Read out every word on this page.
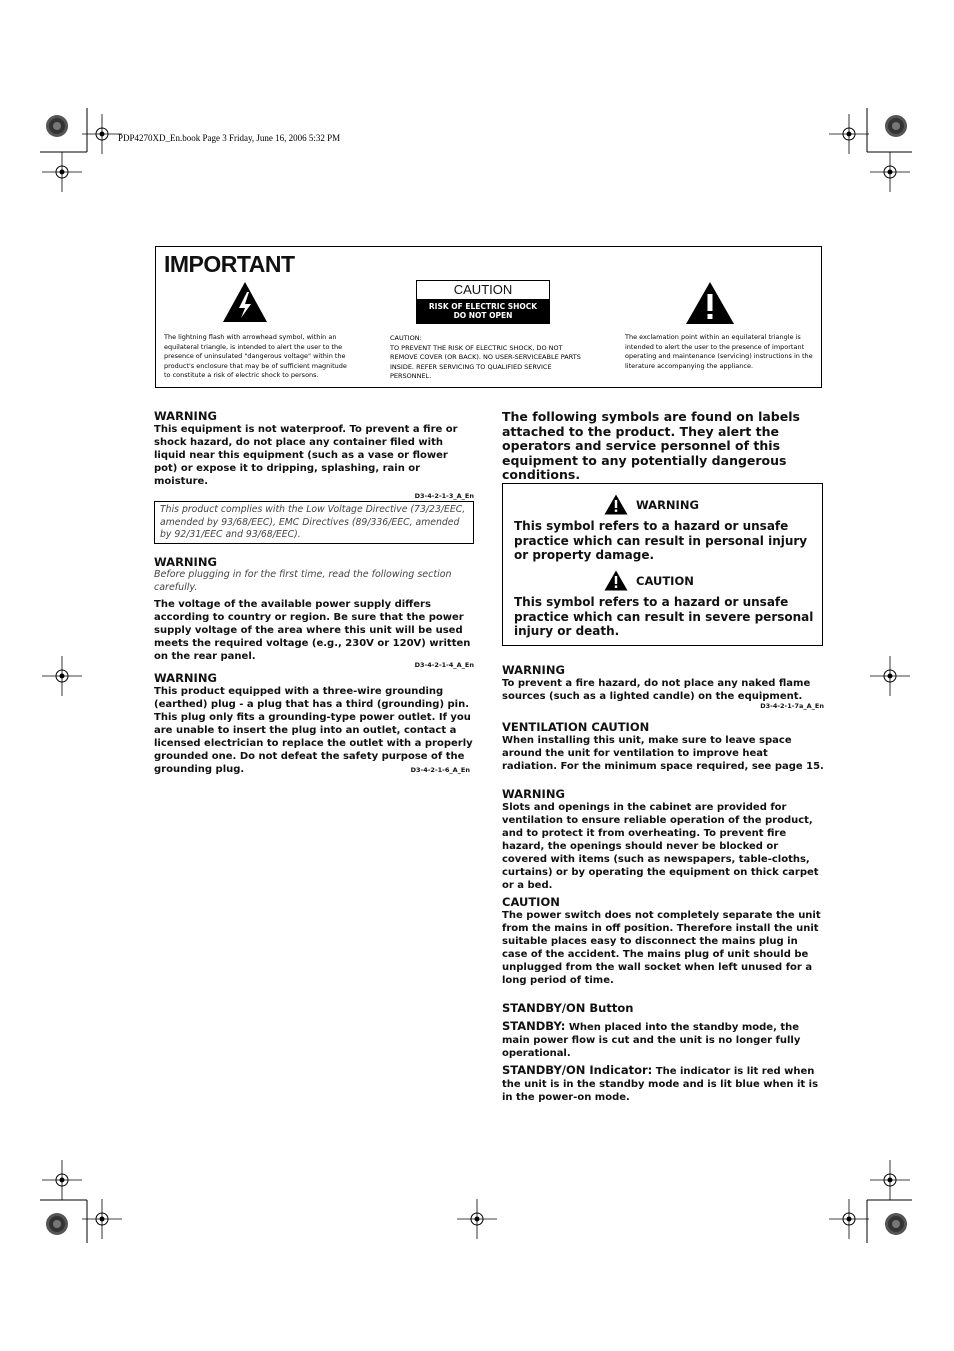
PDP4270XD_En.book Page 3 Friday, June 16, 2006 5:32 PM
IMPORTANT
The lightning flash with arrowhead symbol, within an equilateral triangle, is intended to alert the user to the presence of uninsulated "dangerous voltage" within the product's enclosure that may be of sufficient magnitude to constitute a risk of electric shock to persons.
CAUTION
RISK OF ELECTRIC SHOCK
DO NOT OPEN
CAUTION:
TO PREVENT THE RISK OF ELECTRIC SHOCK, DO NOT REMOVE COVER (OR BACK). NO USER-SERVICEABLE PARTS INSIDE. REFER SERVICING TO QUALIFIED SERVICE PERSONNEL.
The exclamation point within an equilateral triangle is intended to alert the user to the presence of important operating and maintenance (servicing) instructions in the literature accompanying the appliance.
WARNING
This equipment is not waterproof. To prevent a fire or shock hazard, do not place any container filed with liquid near this equipment (such as a vase or flower pot) or expose it to dripping, splashing, rain or moisture.
D3-4-2-1-3_A_En
This product complies with the Low Voltage Directive (73/23/EEC, amended by 93/68/EEC), EMC Directives (89/336/EEC, amended by 92/31/EEC and 93/68/EEC).
WARNING
Before plugging in for the first time, read the following section carefully.
The voltage of the available power supply differs according to country or region. Be sure that the power supply voltage of the area where this unit will be used meets the required voltage (e.g., 230V or 120V) written on the rear panel.
D3-4-2-1-4_A_En
WARNING
This product equipped with a three-wire grounding (earthed) plug - a plug that has a third (grounding) pin. This plug only fits a grounding-type power outlet. If you are unable to insert the plug into an outlet, contact a licensed electrician to replace the outlet with a properly grounded one. Do not defeat the safety purpose of the grounding plug.	D3-4-2-1-6_A_En
The following symbols are found on labels attached to the product. They alert the operators and service personnel of this equipment to any potentially dangerous conditions.
WARNING
This symbol refers to a hazard or unsafe practice which can result in personal injury or property damage.
CAUTION
This symbol refers to a hazard or unsafe practice which can result in severe personal injury or death.
WARNING
To prevent a fire hazard, do not place any naked flame sources (such as a lighted candle) on the equipment.
D3-4-2-1-7a_A_En
VENTILATION CAUTION
When installing this unit, make sure to leave space around the unit for ventilation to improve heat radiation. For the minimum space required, see page 15.
WARNING
Slots and openings in the cabinet are provided for ventilation to ensure reliable operation of the product, and to protect it from overheating. To prevent fire hazard, the openings should never be blocked or covered with items (such as newspapers, table-cloths, curtains) or by operating the equipment on thick carpet or a bed.
CAUTION
The power switch does not completely separate the unit from the mains in off position. Therefore install the unit suitable places easy to disconnect the mains plug in case of the accident. The mains plug of unit should be unplugged from the wall socket when left unused for a long period of time.
STANDBY/ON Button
STANDBY: When placed into the standby mode, the main power flow is cut and the unit is no longer fully operational.
STANDBY/ON Indicator: The indicator is lit red when the unit is in the standby mode and is lit blue when it is in the power-on mode.
